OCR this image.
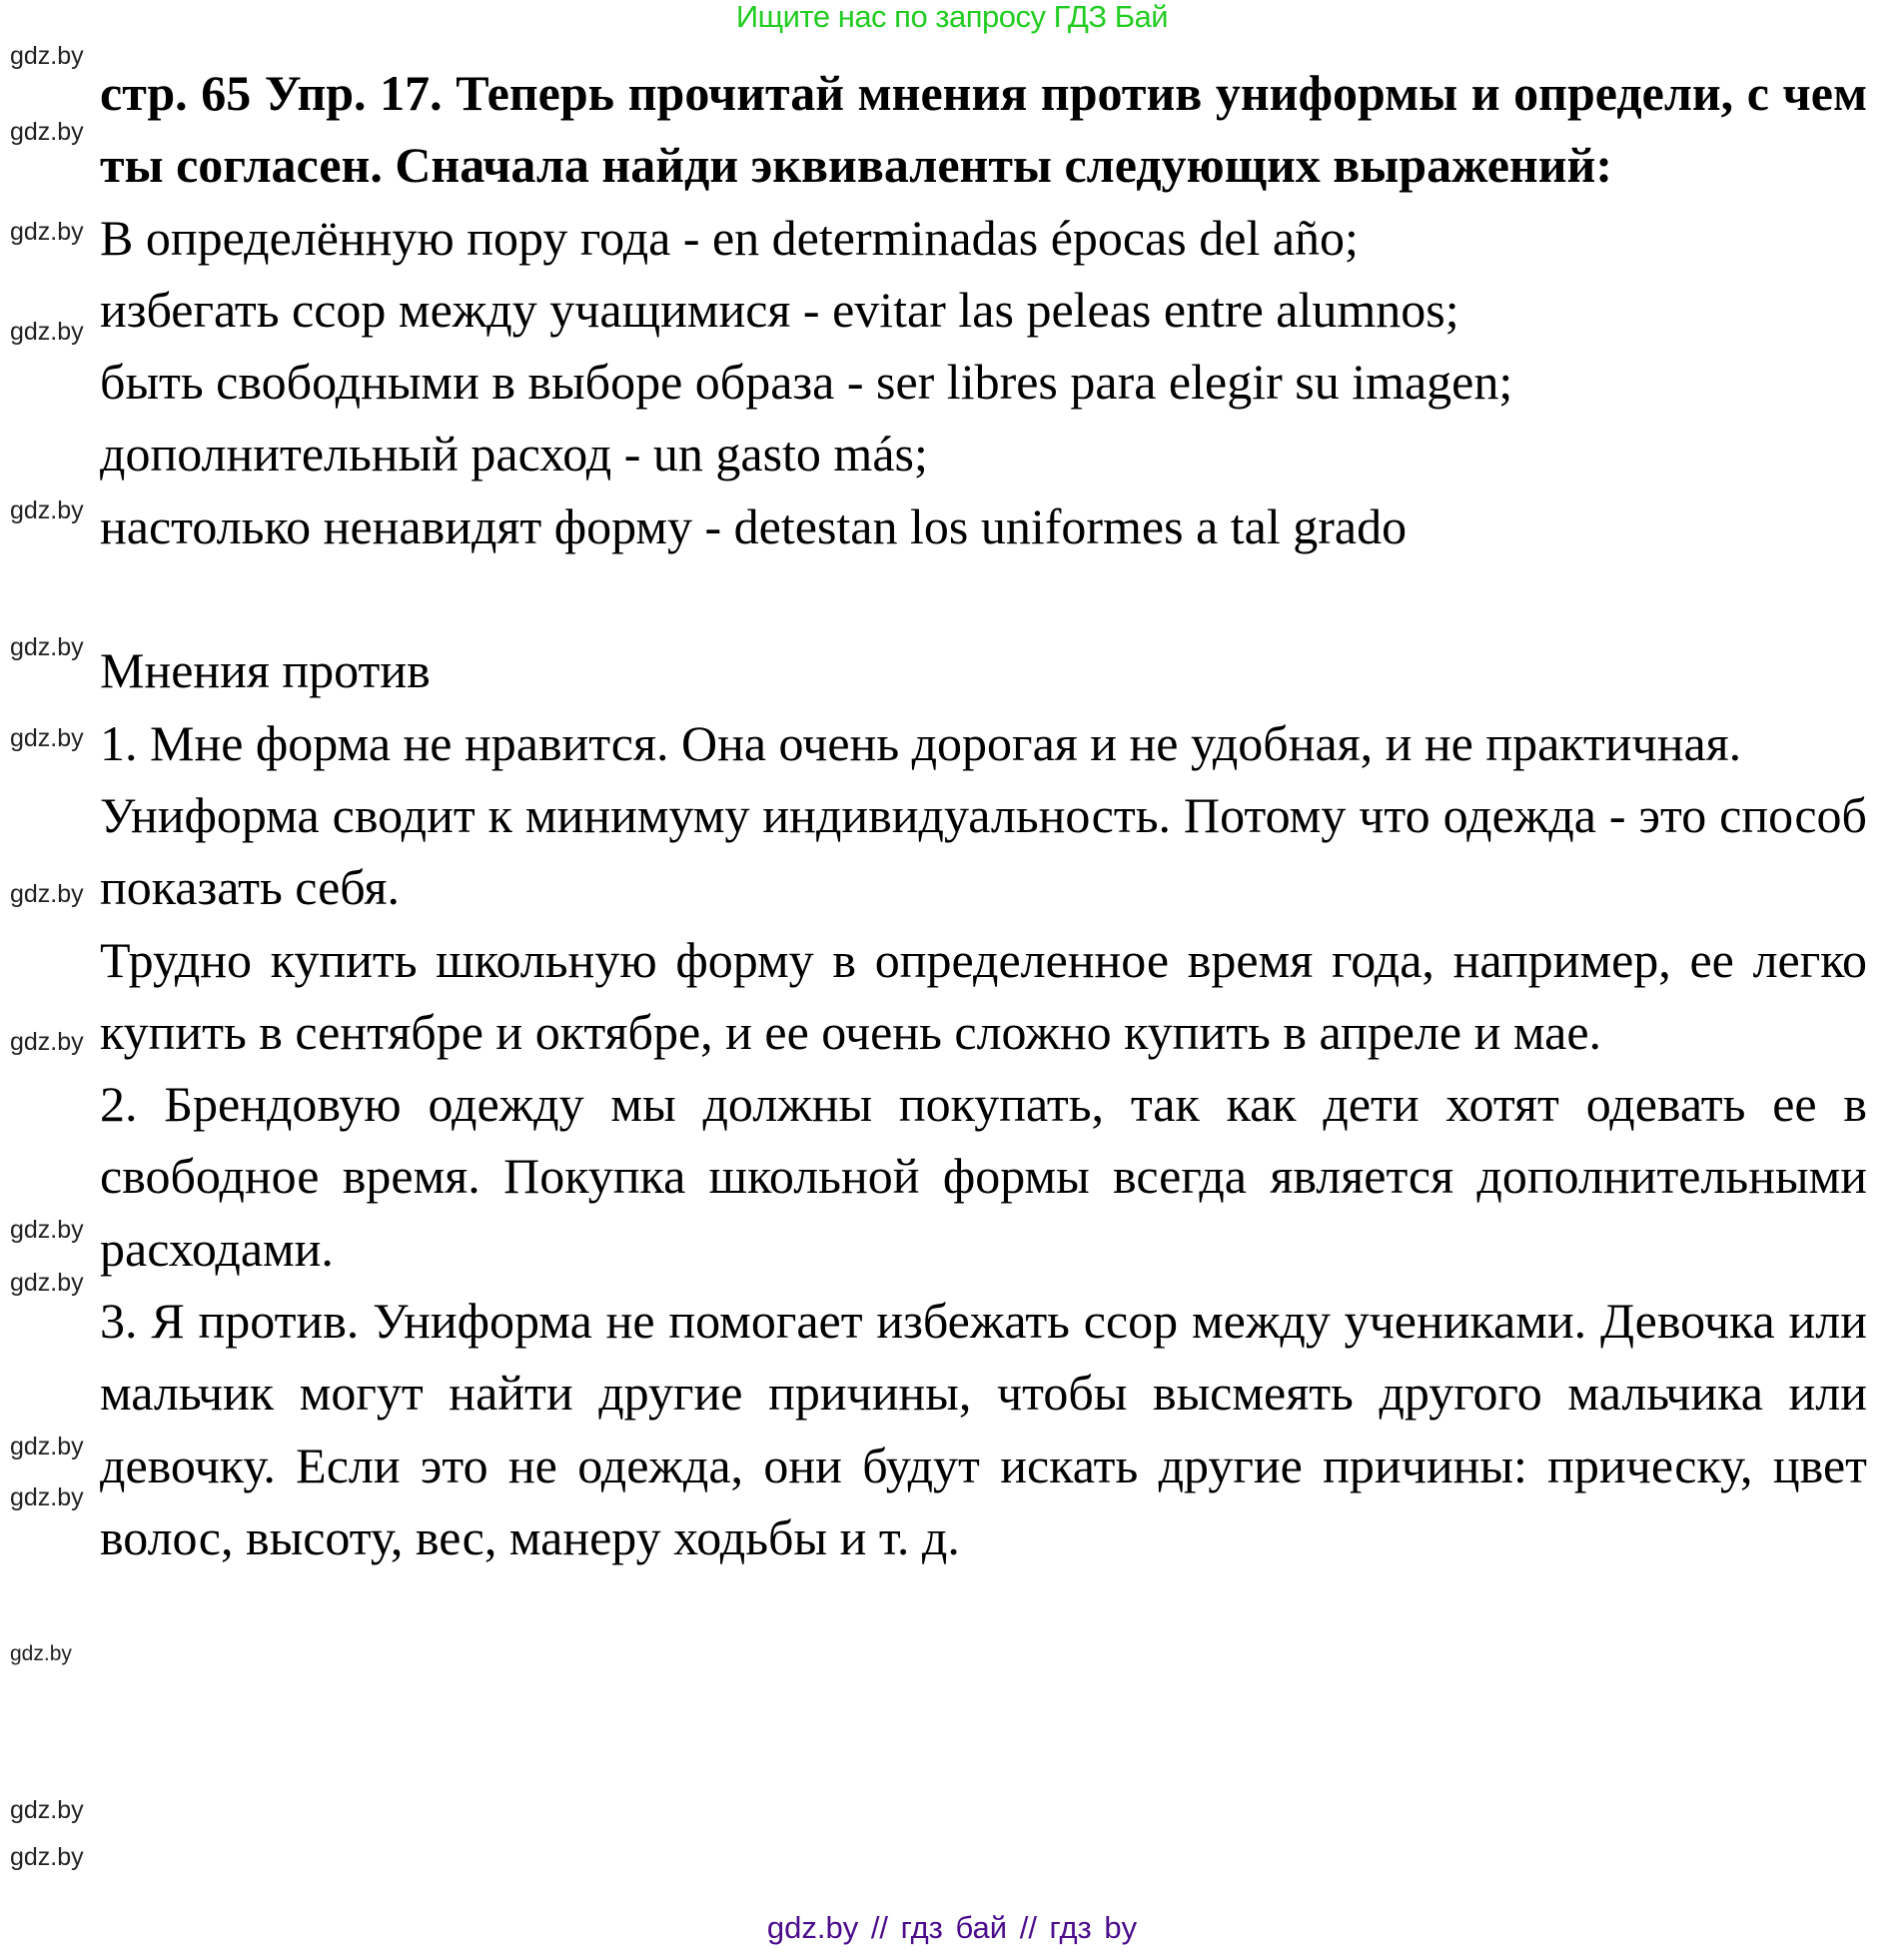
Ищите нас по запросу ГДЗ Бай

стр. 65 Упр. 17. Теперь прочитай мнения против униформы и определи, с чем ты согласен. Сначала найди эквиваленты следующих выражений:

В определённую пору года - en determinadas épocas del año;

избегать ссор между учащимися - evitar las peleas entre alumnos;

быть свободными в выборе образа - ser libres para elegir su imagen;

дополнительный расход - un gasto más;

настолько ненавидят форму - detestan los uniformes a tal grado

Мнения против

1. Мне форма не нравится. Она очень дорогая и не удобная, и не практичная.

Униформа сводит к минимуму индивидуальность. Потому что одежда - это способ показать себя.

Трудно купить школьную форму в определенное время года, например, ее легко купить в сентябре и октябре, и ее очень сложно купить в апреле и мае.

2. Брендовую одежду мы должны покупать, так как дети хотят одевать ее в свободное время. Покупка школьной формы всегда является дополнительными расходами.

3. Я против. Униформа не помогает избежать ссор между учениками. Девочка или мальчик могут найти другие причины, чтобы высмеять другого мальчика или девочку. Если это не одежда, они будут искать другие причины: прическу, цвет волос, высоту, вес, манеру ходьбы и т. д.

gdz.by
gdz.by
gdz.by
gdz.by
gdz.by
gdz.by
gdz.by
gdz.by
gdz.by
gdz.by
gdz.by
gdz.by
gdz.by
gdz.by
gdz.by
gdz.by
gdz.by // гдз бай // гдз by
